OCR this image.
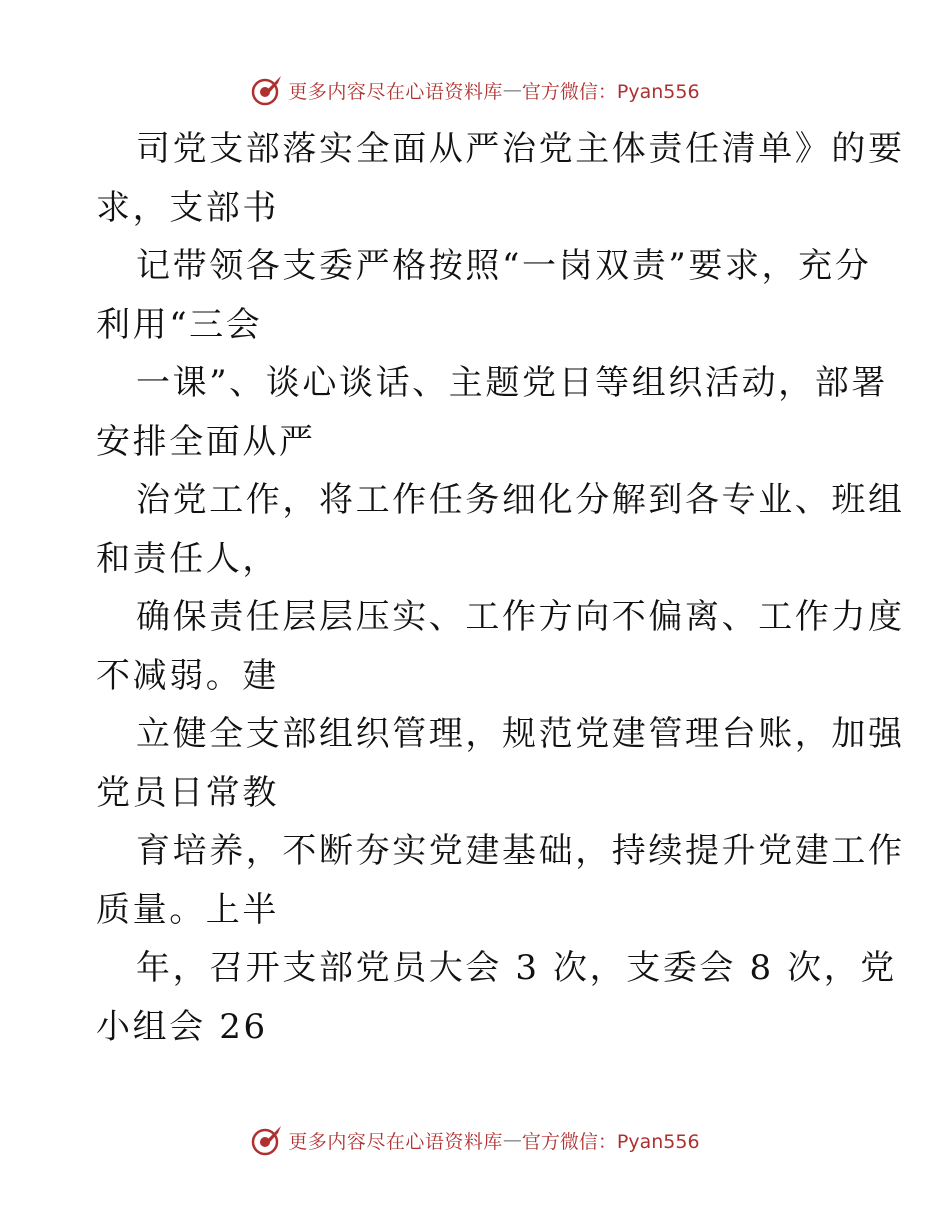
更多内容尽在心语资料库 — 官方微信：Pyan556
司党支部落实全面从严治党主体责任清单》的要
求，支部书
记带领各支委严格按照“一岗双责”要求，充分
利用“三会
一课”、谈心谈话、主题党日等组织活动，部署
安排全面从严
治党工作，将工作任务细化分解到各专业、班组
和责任人，
确保责任层层压实、工作方向不偏离、工作力度
不减弱。建
立健全支部组织管理，规范党建管理台账，加强
党员日常教
育培养，不断夯实党建基础，持续提升党建工作
质量。上半
年，召开支部党员大会 3 次，支委会 8 次，党
小组会 26
更多内容尽在心语资料库 — 官方微信：Pyan556
